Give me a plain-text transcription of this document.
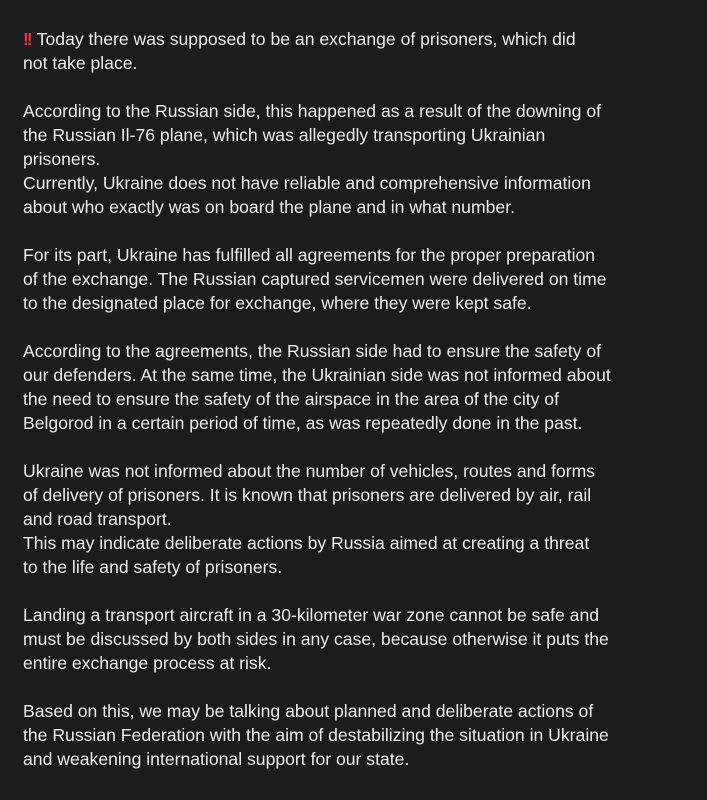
!! Today there was supposed to be an exchange of prisoners, which did
not take place.
According to the Russian side, this happened as a result of the downing of
the Russian Il-76 plane, which was allegedly transporting Ukrainian
prisoners.
Currently, Ukraine does not have reliable and comprehensive information
about who exactly was on board the plane and in what number.
For its part, Ukraine has fulfilled all agreements for the proper preparation
of the exchange. The Russian captured servicemen were delivered on time
to the designated place for exchange, where they were kept safe.
According to the agreements, the Russian side had to ensure the safety of
our defenders. At the same time, the Ukrainian side was not informed about
the need to ensure the safety of the airspace in the area of the city of
Belgorod in a certain period of time, as was repeatedly done in the past.
Ukraine was not informed about the number of vehicles, routes and forms
of delivery of prisoners. It is known that prisoners are delivered by air, rail
and road transport.
This may indicate deliberate actions by Russia aimed at creating a threat
to the life and safety of prisoners.
Landing a transport aircraft in a 30-kilometer war zone cannot be safe and
must be discussed by both sides in any case, because otherwise it puts the
entire exchange process at risk.
Based on this, we may be talking about planned and deliberate actions of
the Russian Federation with the aim of destabilizing the situation in Ukraine
and weakening international support for our state.
